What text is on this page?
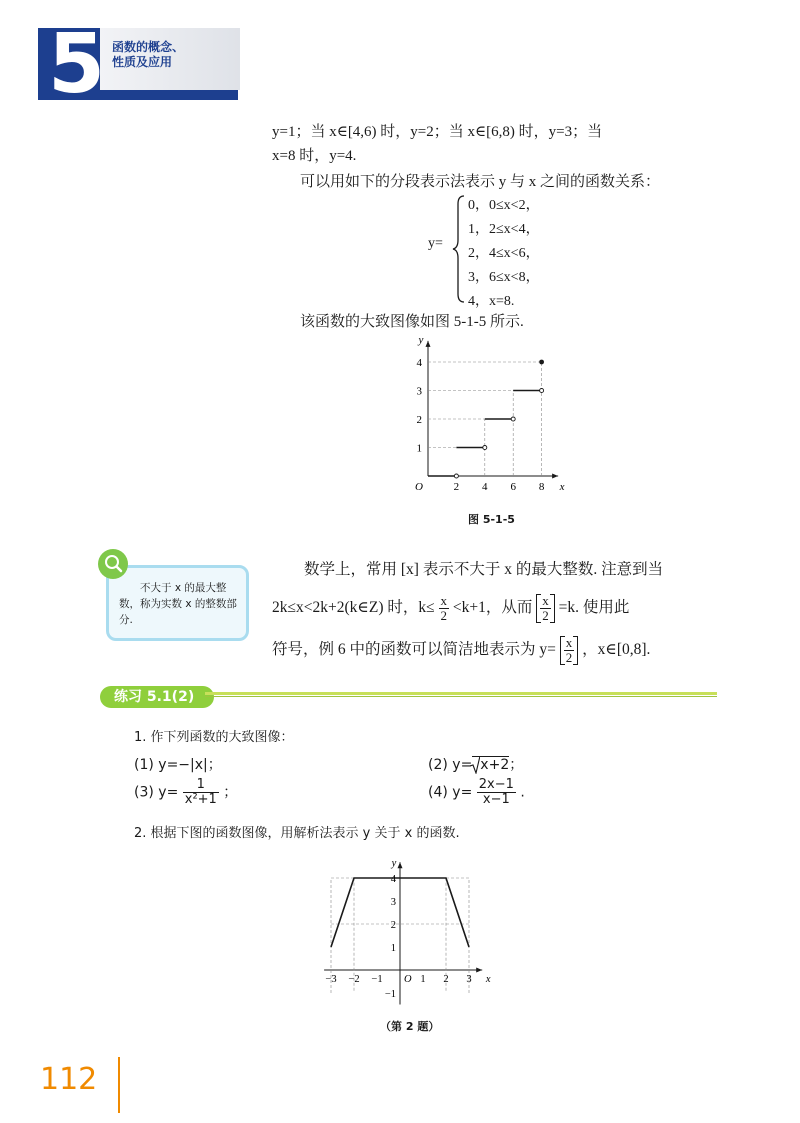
5 函数的概念、
性质及应用
y=1；当 x∈[4,6) 时，y=2；当 x∈[6,8) 时，y=3；当
x=8 时，y=4.
可以用如下的分段表示法表示 y 与 x 之间的函数关系：
y=
0，0≤x<2，
1，2≤x<4，
2，4≤x<6，
3，6≤x<8，
4，x=8.
该函数的大致图像如图 5-1-5 所示.
2 4 6 8
1
2
3
4
O	x
y
图 5-1-5
不大于 x 的最大整数，称为实数 x 的整数部分.
数学上，常用 [x] 表示不大于 x 的最大整数. 注意到当
2k≤x<2k+2(k∈Z) 时，$k\le \frac{x}{2} <k+1$，从而 $\frac{x}{2} =k$. 使用此
符号，例 6 中的函数可以简洁地表示为 $y= \frac{x}{2}$ ，x∈[0,8].
练习 5.1(2)
1. 作下列函数的大致图像：
(1) y=−|x|；	(2) y= x+2；
(3) $y= \frac{1}{\text{x²+1}}$ ；	(4) $y= \frac{2x-1}{x-1}$ .
2. 根据下图的函数图像，用解析法表示 y 关于 x 的函数.
−3 −2 −1	1 2 3
−1
1
2
3
4
O	x
y
（第 2 题）
112
